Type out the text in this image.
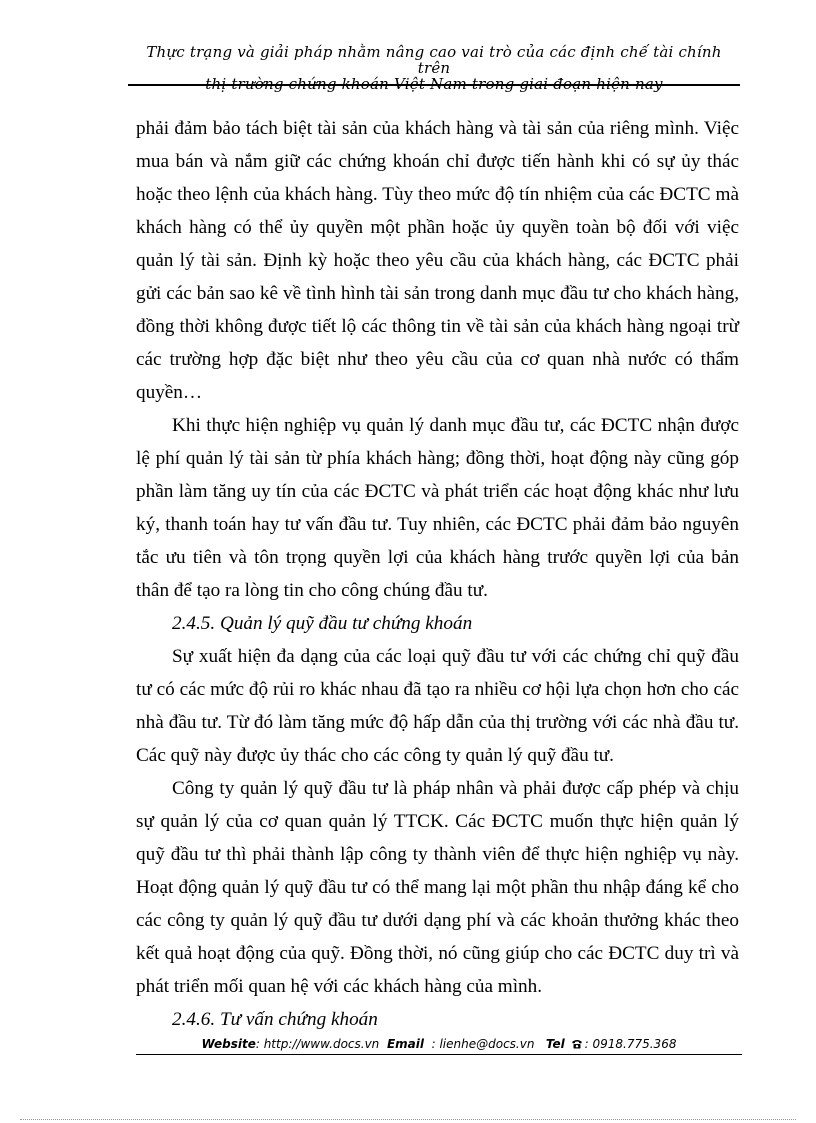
Thực trạng và giải pháp nhằm nâng cao vai trò của các định chế tài chính trên
thị trường chứng khoán Việt Nam trong giai đoạn hiện nay

phải đảm bảo tách biệt tài sản của khách hàng và tài sản của riêng mình. Việc mua bán và nắm giữ các chứng khoán chỉ được tiến hành khi có sự ủy thác hoặc theo lệnh của khách hàng. Tùy theo mức độ tín nhiệm của các ĐCTC mà khách hàng có thể ủy quyền một phần hoặc ủy quyền toàn bộ đối với việc quản lý tài sản. Định kỳ hoặc theo yêu cầu của khách hàng, các ĐCTC phải gửi các bản sao kê về tình hình tài sản trong danh mục đầu tư cho khách hàng, đồng thời không được tiết lộ các thông tin về tài sản của khách hàng ngoại trừ các trường hợp đặc biệt như theo yêu cầu của cơ quan nhà nước có thẩm quyền…

Khi thực hiện nghiệp vụ quản lý danh mục đầu tư, các ĐCTC nhận được lệ phí quản lý tài sản từ phía khách hàng; đồng thời, hoạt động này cũng góp phần làm tăng uy tín của các ĐCTC và phát triển các hoạt động khác như lưu ký, thanh toán hay tư vấn đầu tư. Tuy nhiên, các ĐCTC phải đảm bảo nguyên tắc ưu tiên và tôn trọng quyền lợi của khách hàng trước quyền lợi của bản thân để tạo ra lòng tin cho công chúng đầu tư.

2.4.5. Quản lý quỹ đầu tư chứng khoán

Sự xuất hiện đa dạng của các loại quỹ đầu tư với các chứng chỉ quỹ đầu tư có các mức độ rủi ro khác nhau đã tạo ra nhiều cơ hội lựa chọn hơn cho các nhà đầu tư. Từ đó làm tăng mức độ hấp dẫn của thị trường với các nhà đầu tư. Các quỹ này được ủy thác cho các công ty quản lý quỹ đầu tư.

Công ty quản lý quỹ đầu tư là pháp nhân và phải được cấp phép và chịu sự quản lý của cơ quan quản lý TTCK. Các ĐCTC muốn thực hiện quản lý quỹ đầu tư thì phải thành lập công ty thành viên để thực hiện nghiệp vụ này. Hoạt động quản lý quỹ đầu tư có thể mang lại một phần thu nhập đáng kể cho các công ty quản lý quỹ đầu tư dưới dạng phí và các khoản thưởng khác theo kết quả hoạt động của quỹ. Đồng thời, nó cũng giúp cho các ĐCTC duy trì và phát triển mối quan hệ với các khách hàng của mình.

2.4.6. Tư vấn chứng khoán

Website: http://www.docs.vn Email : lienhe@docs.vn Tel : 0918.775.368
